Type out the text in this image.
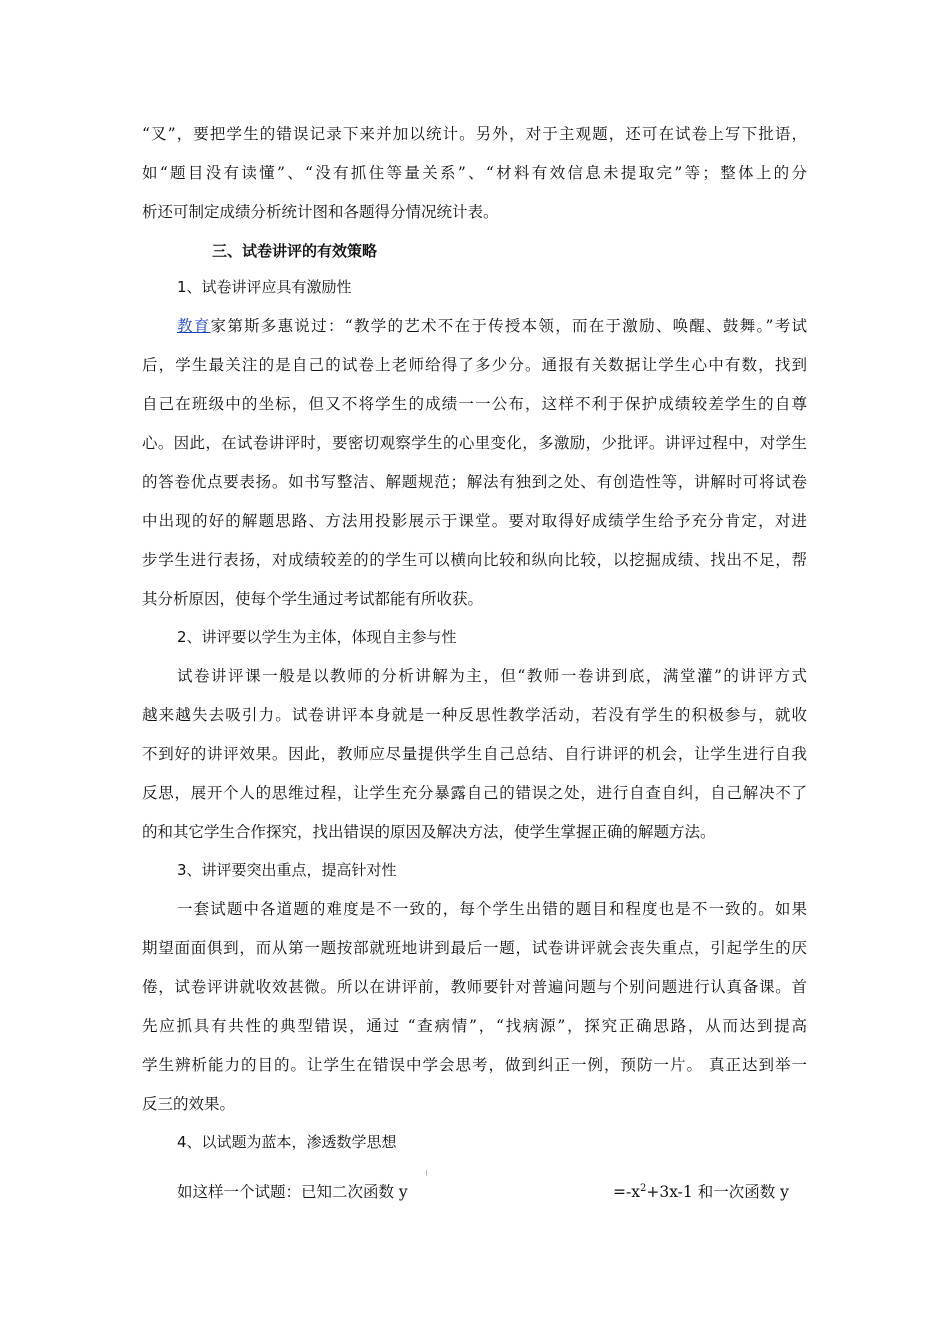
“叉”，要把学生的错误记录下来并加以统计。另外，对于主观题，还可在试卷上写下批语，
如“题目没有读懂”、“没有抓住等量关系”、“材料有效信息未提取完”等；整体上的分
析还可制定成绩分析统计图和各题得分情况统计表。
三、试卷讲评的有效策略
1、试卷讲评应具有激励性
教育家第斯多惠说过：“教学的艺术不在于传授本领，而在于激励、唤醒、鼓舞。”考试
后，学生最关注的是自己的试卷上老师给得了多少分。通报有关数据让学生心中有数，找到
自己在班级中的坐标，但又不将学生的成绩一一公布，这样不利于保护成绩较差学生的自尊
心。因此，在试卷讲评时，要密切观察学生的心里变化，多激励，少批评。讲评过程中，对学生
的答卷优点要表扬。如书写整洁、解题规范；解法有独到之处、有创造性等，讲解时可将试卷
中出现的好的解题思路、方法用投影展示于课堂。要对取得好成绩学生给予充分肯定，对进
步学生进行表扬，对成绩较差的的学生可以横向比较和纵向比较，以挖掘成绩、找出不足，帮
其分析原因，使每个学生通过考试都能有所收获。
2、讲评要以学生为主体，体现自主参与性
试卷讲评课一般是以教师的分析讲解为主，但“教师一卷讲到底，满堂灌”的讲评方式
越来越失去吸引力。试卷讲评本身就是一种反思性教学活动，若没有学生的积极参与，就收
不到好的讲评效果。因此，教师应尽量提供学生自己总结、自行讲评的机会，让学生进行自我
反思，展开个人的思维过程，让学生充分暴露自己的错误之处，进行自查自纠，自己解决不了
的和其它学生合作探究，找出错误的原因及解决方法，使学生掌握正确的解题方法。
3、讲评要突出重点，提高针对性
一套试题中各道题的难度是不一致的，每个学生出错的题目和程度也是不一致的。如果
期望面面俱到，而从第一题按部就班地讲到最后一题，试卷讲评就会丧失重点，引起学生的厌
倦，试卷评讲就收效甚微。所以在讲评前，教师要针对普遍问题与个别问题进行认真备课。首
先应抓具有共性的典型错误，通过 “查病情”，“找病源”，探究正确思路，从而达到提高
学生辨析能力的目的。让学生在错误中学会思考，做到纠正一例，预防一片。 真正达到举一
反三的效果。
4、以试题为蓝本，渗透数学思想
如这样一个试题：已知二次函数 y	$=-x^2+3x-1$ 和一次函数 y
